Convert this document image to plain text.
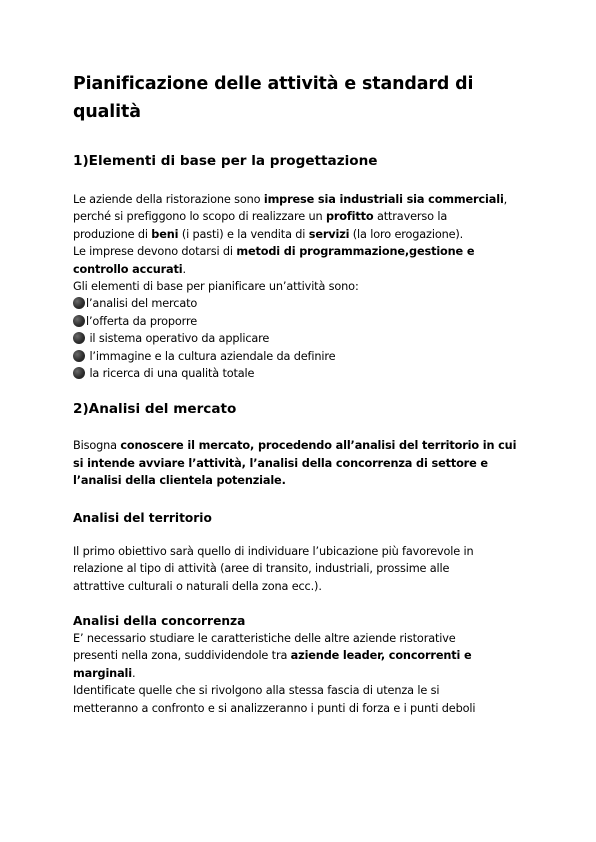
Pianificazione delle attività e standard di qualità
1)Elementi di base per la progettazione

Le aziende della ristorazione sono imprese sia industriali sia commerciali,
perché si prefiggono lo scopo di realizzare un profitto attraverso la
produzione di beni (i pasti) e la vendita di servizi (la loro erogazione).
Le imprese devono dotarsi di metodi di programmazione,gestione e
controllo accurati.
Gli elementi di base per pianificare un’attività sono:

l’analisi del mercato
l’offerta da proporre
il sistema operativo da applicare
l’immagine e la cultura aziendale da definire
la ricerca di una qualità totale
2)Analisi del mercato

Bisogna conoscere il mercato, procedendo all’analisi del territorio in cui
si intende avviare l’attività, l’analisi della concorrenza di settore e
l’analisi della clientela potenziale.

Analisi del territorio

Il primo obiettivo sarà quello di individuare l’ubicazione più favorevole in
relazione al tipo di attività (aree di transito, industriali, prossime alle
attrattive culturali o naturali della zona ecc.).

Analisi della concorrenza

E’ necessario studiare le caratteristiche delle altre aziende ristorative
presenti nella zona, suddividendole tra aziende leader, concorrenti e
marginali.
Identificate quelle che si rivolgono alla stessa fascia di utenza le si
metteranno a confronto e si analizzeranno i punti di forza e i punti deboli
